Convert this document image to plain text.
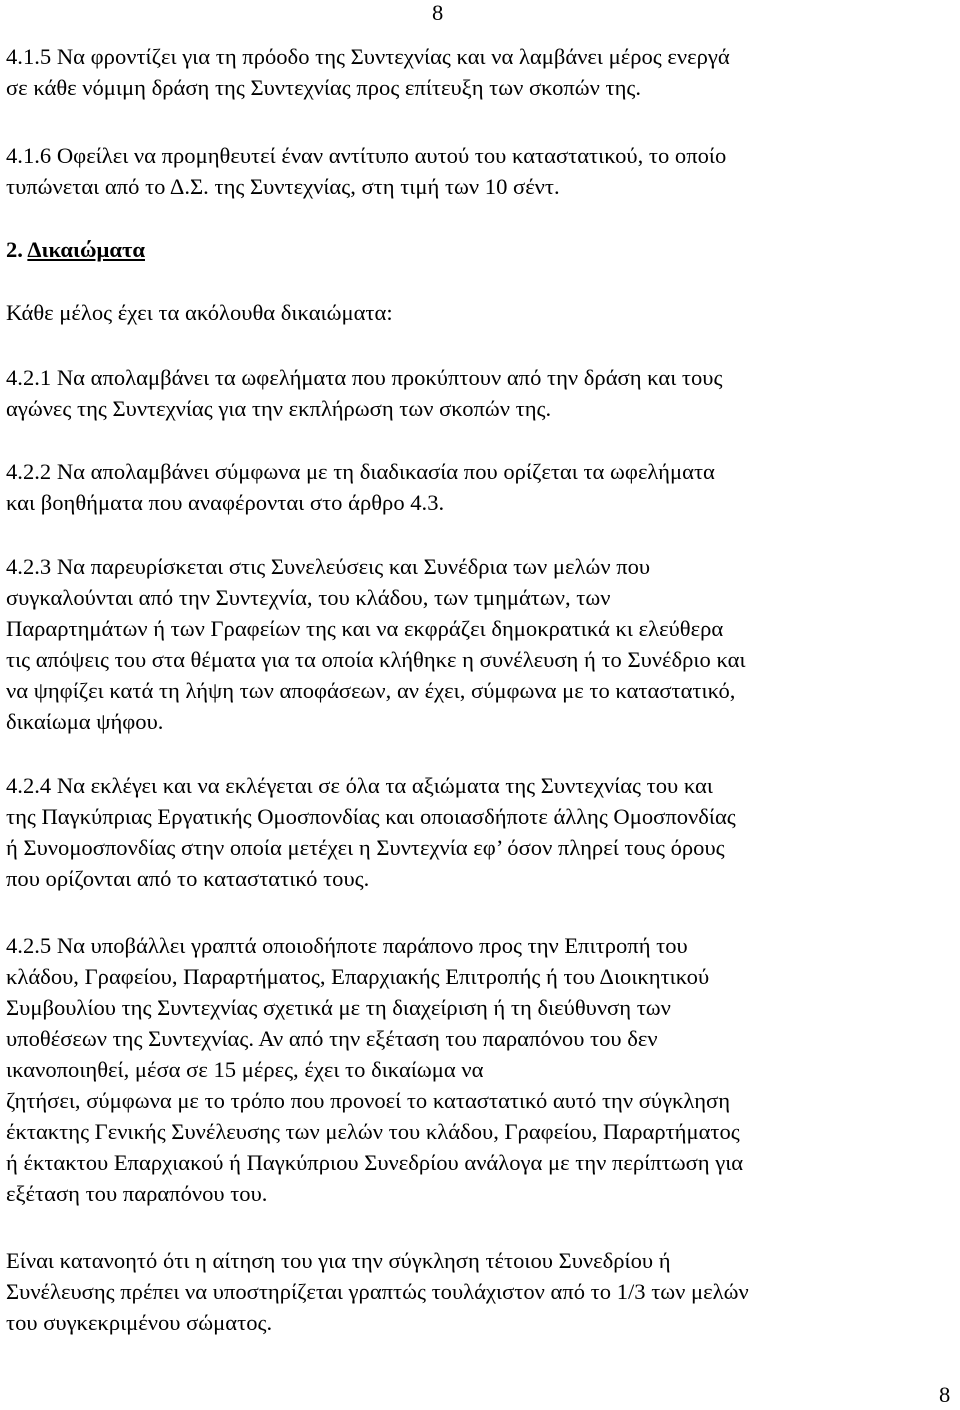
8

4.1.5 Να φροντίζει για τη πρόοδο της Συντεχνίας και να λαμβάνει μέρος ενεργά

σε κάθε νόμιμη δράση της Συντεχνίας προς επίτευξη των σκοπών της.

4.1.6 Οφείλει να προμηθευτεί έναν αντίτυπο αυτού του καταστατικού, το οποίο

τυπώνεται από το Δ.Σ. της Συντεχνίας, στη τιμή των 10 σέντ.

2. Δικαιώματα

Κάθε μέλος έχει τα ακόλουθα δικαιώματα:

4.2.1 Να απολαμβάνει τα ωφελήματα που προκύπτουν από την δράση και τους

αγώνες της Συντεχνίας για την εκπλήρωση των σκοπών της.

4.2.2 Να απολαμβάνει σύμφωνα με τη διαδικασία που ορίζεται τα ωφελήματα

και βοηθήματα που αναφέρονται στο άρθρο 4.3.

4.2.3 Να παρευρίσκεται στις Συνελεύσεις και Συνέδρια των μελών που

συγκαλούνται από την Συντεχνία, του κλάδου, των τμημάτων, των

Παραρτημάτων ή των Γραφείων της και να εκφράζει δημοκρατικά κι ελεύθερα

τις απόψεις του στα θέματα για τα οποία κλήθηκε η συνέλευση ή το Συνέδριο και

να ψηφίζει κατά τη λήψη των αποφάσεων, αν έχει, σύμφωνα με το καταστατικό,

δικαίωμα ψήφου.

4.2.4 Να εκλέγει και να εκλέγεται σε όλα τα αξιώματα της Συντεχνίας του και

της Παγκύπριας Εργατικής Ομοσπονδίας και οποιασδήποτε άλλης Ομοσπονδίας

ή Συνομοσπονδίας στην οποία μετέχει η Συντεχνία εφ’ όσον πληρεί τους όρους

που ορίζονται από το καταστατικό τους.

4.2.5 Να υποβάλλει γραπτά οποιοδήποτε παράπονο προς την Επιτροπή του

κλάδου, Γραφείου, Παραρτήματος, Επαρχιακής Επιτροπής ή του Διοικητικού

Συμβουλίου της Συντεχνίας σχετικά με τη διαχείριση ή τη διεύθυνση των

υποθέσεων της Συντεχνίας. Αν από την εξέταση του παραπόνου του δεν

ικανοποιηθεί, μέσα σε 15 μέρες, έχει το δικαίωμα να

ζητήσει, σύμφωνα με το τρόπο που προνοεί το καταστατικό αυτό την σύγκληση

έκτακτης Γενικής Συνέλευσης των μελών του κλάδου, Γραφείου, Παραρτήματος

ή έκτακτου Επαρχιακού ή Παγκύπριου Συνεδρίου ανάλογα με την περίπτωση για

εξέταση του παραπόνου του.

Είναι κατανοητό ότι η αίτηση του για την σύγκληση τέτοιου Συνεδρίου ή

Συνέλευσης πρέπει να υποστηρίζεται γραπτώς τουλάχιστον από το 1/3 των μελών

του συγκεκριμένου σώματος.

8
